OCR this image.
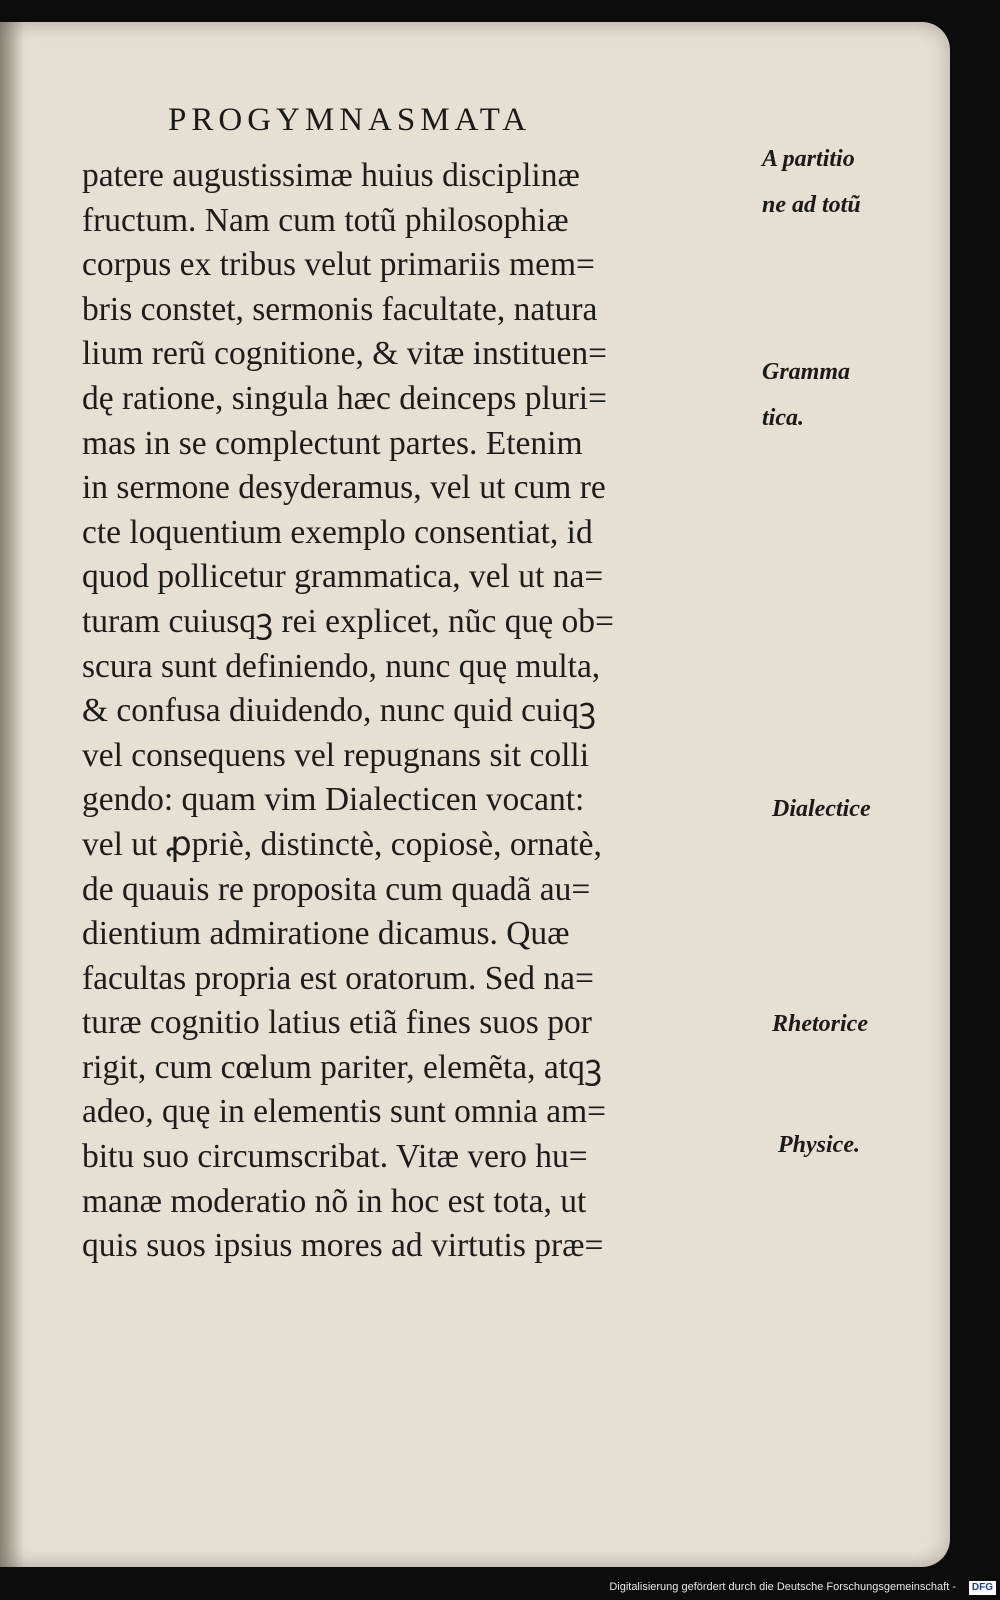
PROGYMNASMATA
patere augustissimæ huius disciplinæ
fructum. Nam cum totũ philosophiæ
corpus ex tribus velut primariis mem=
bris constet, sermonis facultate, natura
lium rerũ cognitione, & vitæ instituen=
dę ratione, singula hæc deinceps pluri=
mas in se complectunt partes. Etenim
in sermone desyderamus, vel ut cum re
cte loquentium exemplo consentiat, id
quod pollicetur grammatica, vel ut na=
turam cuiusqꝫ rei explicet, nũc quę ob=
scura sunt definiendo, nunc quę multa,
& confusa diuidendo, nunc quid cuiqꝫ
vel consequens vel repugnans sit colli
gendo: quam vim Dialecticen vocant:
vel ut ꝓpriè, distinctè, copiosè, ornatè,
de quauis re proposita cum quadã au=
dientium admiratione dicamus. Quæ
facultas propria est oratorum. Sed na=
turæ cognitio latius etiã fines suos por
rigit, cum cœlum pariter, elemẽta, atqꝫ
adeo, quę in elementis sunt omnia am=
bitu suo circumscribat. Vitæ vero hu=
manæ moderatio nõ in hoc est tota, ut
quis suos ipsius mores ad virtutis præ=
A partitio
ne ad totũ
Gramma
tica.
Dialectice
Rhetorice
Physice.
Digitalisierung gefördert durch die Deutsche Forschungsgemeinschaft -	DFG
